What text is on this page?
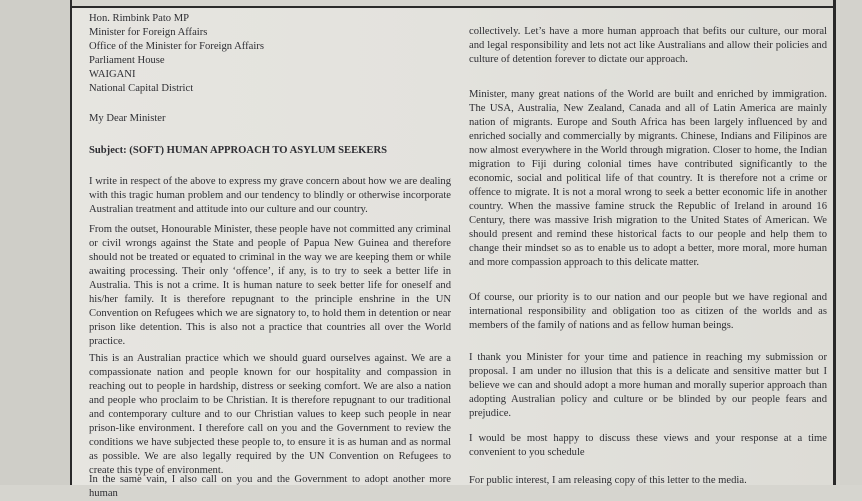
Hon. Rimbink Pato MP

Minister for Foreign Affairs

Office of the Minister for Foreign Affairs

Parliament House

WAIGANI

National Capital District

My Dear Minister

Subject: (SOFT) HUMAN APPROACH TO ASYLUM SEEKERS

I write in respect of the above to express my grave concern about how we are dealing with this tragic human problem and our tendency to blindly or otherwise incorporate Australian treatment and attitude into our culture and our country.

From the outset, Honourable Minister, these people have not committed any criminal or civil wrongs against the State and people of Papua New Guinea and therefore should not be treated or equated to criminal in the way we are keeping them or while awaiting processing. Their only ‘offence’, if any, is to try to seek a better life in Australia. This is not a crime. It is human nature to seek better life for oneself and his/her family. It is therefore repugnant to the principle enshrine in the UN Convention on Refugees which we are signatory to, to hold them in detention or near prison like detention. This is also not a practice that countries all over the World practice.

This is an Australian practice which we should guard ourselves against. We are a compassionate nation and people known for our hospitality and compassion in reaching out to people in hardship, distress or seeking comfort. We are also a nation and people who proclaim to be Christian. It is therefore repugnant to our traditional and contemporary culture and to our Christian values to keep such people in near prison-like environment. I therefore call on you and the Government to review the conditions we have subjected these people to, to ensure it is as human and as normal as possible. We are also legally required by the UN Convention on Refugees to create this type of environment.

In the same vain, I also call on you and the Government to adopt another more human

collectively. Let’s have a more human approach that befits our culture, our moral and legal responsibility and lets not act like Australians and allow their policies and culture of detention forever to dictate our approach.

Minister, many great nations of the World are built and enriched by immigration. The USA, Australia, New Zealand, Canada and all of Latin America are mainly nation of migrants. Europe and South Africa has been largely influenced by and enriched socially and commercially by migrants. Chinese, Indians and Filipinos are now almost everywhere in the World through migration. Closer to home, the Indian migration to Fiji during colonial times have contributed significantly to the economic, social and political life of that country. It is therefore not a crime or offence to migrate. It is not a moral wrong to seek a better economic life in another country. When the massive famine struck the Republic of Ireland in around 16 Century, there was massive Irish migration to the United States of American. We should present and remind these historical facts to our people and help them to change their mindset so as to enable us to adopt a better, more moral, more human and more compassion approach to this delicate matter.

Of course, our priority is to our nation and our people but we have regional and international responsibility and obligation too as citizen of the worlds and as members of the family of nations and as fellow human beings.

I thank you Minister for your time and patience in reaching my submission or proposal. I am under no illusion that this is a delicate and sensitive matter but I believe we can and should adopt a more human and morally superior approach than adopting Australian policy and culture or be blinded by our people fears and prejudice.

I would be most happy to discuss these views and your response at a time convenient to you schedule

For public interest, I am releasing copy of this letter to the media.
